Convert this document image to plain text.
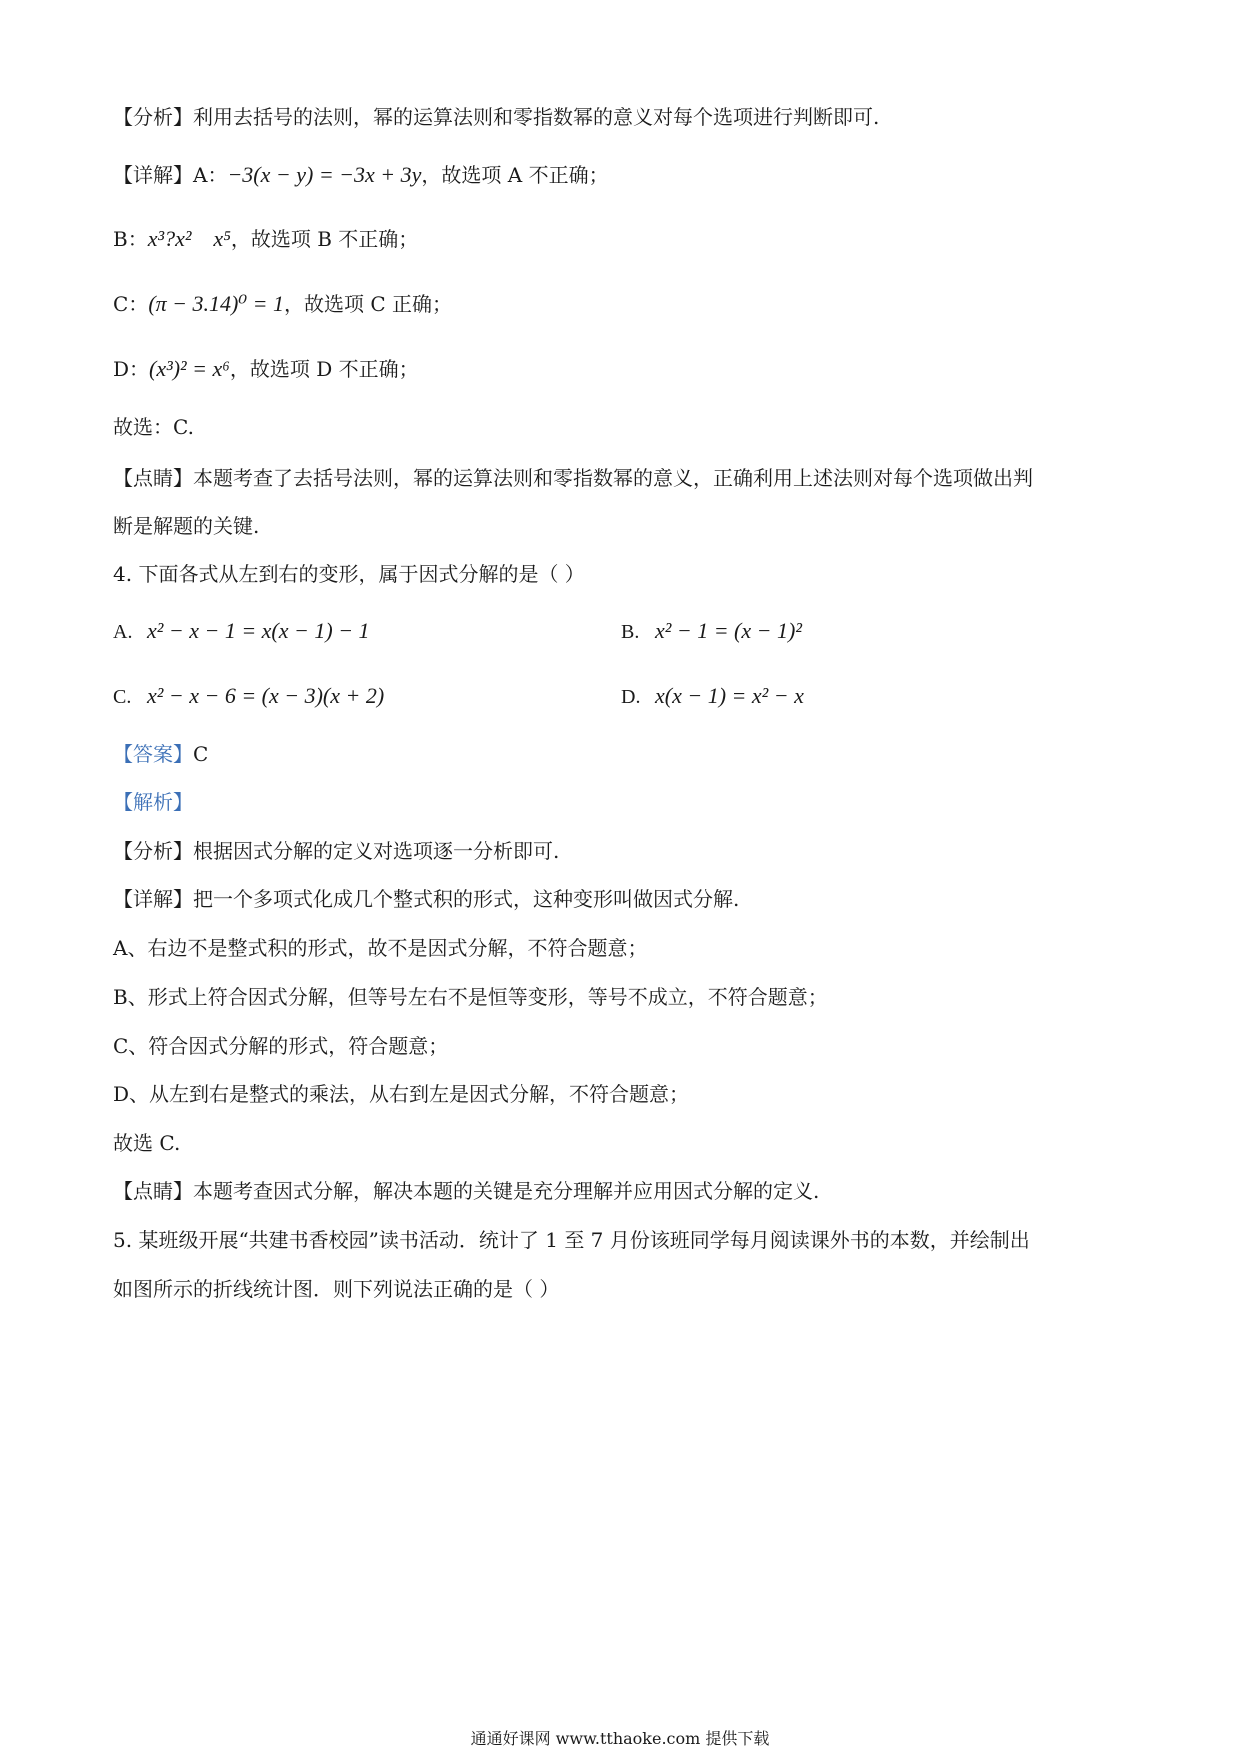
【分析】利用去括号的法则，幂的运算法则和零指数幂的意义对每个选项进行判断即可.
【详解】A：−3(x − y) = −3x + 3y，故选项 A 不正确；
B：x³?x²    x⁵，故选项 B 不正确；
C：(π − 3.14)⁰ = 1，故选项 C 正确；
D：(x³)² = x⁶，故选项 D 不正确；
故选：C.
【点睛】本题考查了去括号法则，幂的运算法则和零指数幂的意义，正确利用上述法则对每个选项做出判
断是解题的关键.
4. 下面各式从左到右的变形，属于因式分解的是（ ）
A. x² − x − 1 = x(x − 1) − 1	B. x² − 1 = (x − 1)²
C. x² − x − 6 = (x − 3)(x + 2)	D. x(x − 1) = x² − x
【答案】C
【解析】
【分析】根据因式分解的定义对选项逐一分析即可.
【详解】把一个多项式化成几个整式积的形式，这种变形叫做因式分解.
A、右边不是整式积的形式，故不是因式分解，不符合题意；
B、形式上符合因式分解，但等号左右不是恒等变形，等号不成立，不符合题意；
C、符合因式分解的形式，符合题意；
D、从左到右是整式的乘法，从右到左是因式分解，不符合题意；
故选 C.
【点睛】本题考查因式分解，解决本题的关键是充分理解并应用因式分解的定义.
5. 某班级开展“共建书香校园”读书活动．统计了 1 至 7 月份该班同学每月阅读课外书的本数，并绘制出
如图所示的折线统计图．则下列说法正确的是（ ）
通通好课网 www.tthaoke.com 提供下载
